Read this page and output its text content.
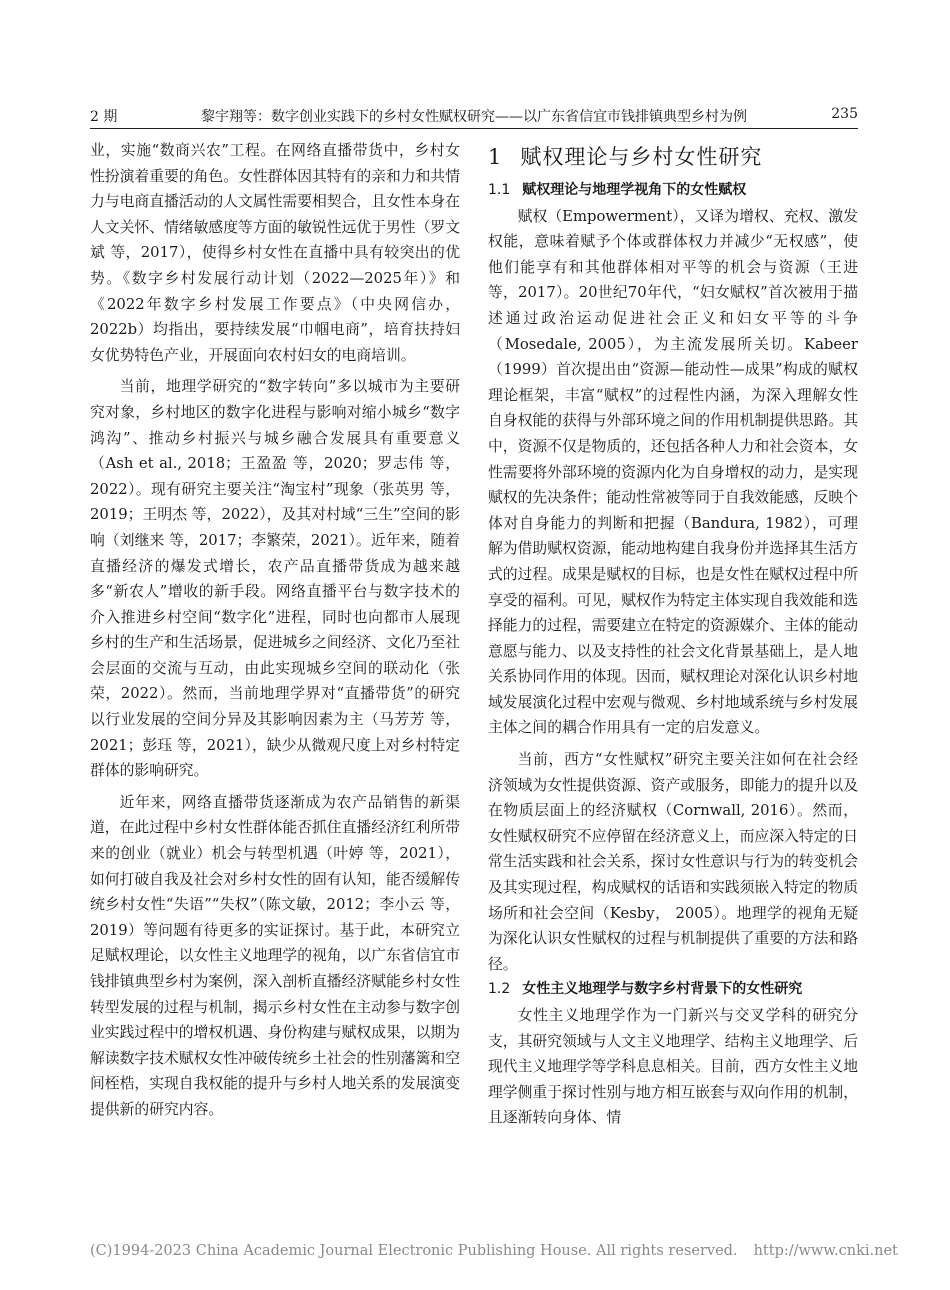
2 期	黎宇翔等：数字创业实践下的乡村女性赋权研究——以广东省信宜市钱排镇典型乡村为例	235

业，实施“数商兴农”工程。在网络直播带货中，乡村女性扮演着重要的角色。女性群体因其特有的亲和力和共情力与电商直播活动的人文属性需要相契合，且女性本身在人文关怀、情绪敏感度等方面的敏锐性远优于男性（罗文斌 等，2017），使得乡村女性在直播中具有较突出的优势。《数字乡村发展行动计划（2022—2025年）》和《2022年数字乡村发展工作要点》（中央网信办，2022b）均指出，要持续发展“巾帼电商”，培育扶持妇女优势特色产业，开展面向农村妇女的电商培训。

当前，地理学研究的“数字转向”多以城市为主要研究对象，乡村地区的数字化进程与影响对缩小城乡“数字鸿沟”、推动乡村振兴与城乡融合发展具有重要意义（Ash et al., 2018；王盈盈 等，2020；罗志伟 等，2022）。现有研究主要关注“淘宝村”现象（张英男 等，2019；王明杰 等，2022），及其对村域“三生”空间的影响（刘继来 等，2017；李繁荣，2021）。近年来，随着直播经济的爆发式增长，农产品直播带货成为越来越多“新农人”增收的新手段。网络直播平台与数字技术的介入推进乡村空间“数字化”进程，同时也向都市人展现乡村的生产和生活场景，促进城乡之间经济、文化乃至社会层面的交流与互动，由此实现城乡空间的联动化（张荣，2022）。然而，当前地理学界对“直播带货”的研究以行业发展的空间分异及其影响因素为主（马芳芳 等，2021；彭珏 等，2021），缺少从微观尺度上对乡村特定群体的影响研究。

近年来，网络直播带货逐渐成为农产品销售的新渠道，在此过程中乡村女性群体能否抓住直播经济红利所带来的创业（就业）机会与转型机遇（叶婷 等，2021），如何打破自我及社会对乡村女性的固有认知，能否缓解传统乡村女性“失语”“失权”（陈文敏，2012；李小云 等，2019）等问题有待更多的实证探讨。基于此，本研究立足赋权理论，以女性主义地理学的视角，以广东省信宜市钱排镇典型乡村为案例，深入剖析直播经济赋能乡村女性转型发展的过程与机制，揭示乡村女性在主动参与数字创业实践过程中的增权机遇、身份构建与赋权成果，以期为解读数字技术赋权女性冲破传统乡土社会的性别藩篱和空间桎梏，实现自我权能的提升与乡村人地关系的发展演变提供新的研究内容。

1 赋权理论与乡村女性研究
1.1 赋权理论与地理学视角下的女性赋权

赋权（Empowerment），又译为增权、充权、激发权能，意味着赋予个体或群体权力并减少“无权感”，使他们能享有和其他群体相对平等的机会与资源（王进 等，2017）。20世纪70年代，“妇女赋权”首次被用于描述通过政治运动促进社会正义和妇女平等的斗争（Mosedale, 2005），为主流发展所关切。Kabeer（1999）首次提出由“资源—能动性—成果”构成的赋权理论框架，丰富“赋权”的过程性内涵，为深入理解女性自身权能的获得与外部环境之间的作用机制提供思路。其中，资源不仅是物质的，还包括各种人力和社会资本，女性需要将外部环境的资源内化为自身增权的动力，是实现赋权的先决条件；能动性常被等同于自我效能感，反映个体对自身能力的判断和把握（Bandura, 1982），可理解为借助赋权资源，能动地构建自我身份并选择其生活方式的过程。成果是赋权的目标，也是女性在赋权过程中所享受的福利。可见，赋权作为特定主体实现自我效能和选择能力的过程，需要建立在特定的资源媒介、主体的能动意愿与能力、以及支持性的社会文化背景基础上，是人地关系协同作用的体现。因而，赋权理论对深化认识乡村地域发展演化过程中宏观与微观、乡村地域系统与乡村发展主体之间的耦合作用具有一定的启发意义。

当前，西方“女性赋权”研究主要关注如何在社会经济领域为女性提供资源、资产或服务，即能力的提升以及在物质层面上的经济赋权（Cornwall, 2016）。然而，女性赋权研究不应停留在经济意义上，而应深入特定的日常生活实践和社会关系，探讨女性意识与行为的转变机会及其实现过程，构成赋权的话语和实践须嵌入特定的物质场所和社会空间（Kesby， 2005）。地理学的视角无疑为深化认识女性赋权的过程与机制提供了重要的方法和路径。

1.2 女性主义地理学与数字乡村背景下的女性研究

女性主义地理学作为一门新兴与交叉学科的研究分支，其研究领域与人文主义地理学、结构主义地理学、后现代主义地理学等学科息息相关。目前，西方女性主义地理学侧重于探讨性别与地方相互嵌套与双向作用的机制，且逐渐转向身体、情

(C)1994-2023 China Academic Journal Electronic Publishing House. All rights reserved. http://www.cnki.net
